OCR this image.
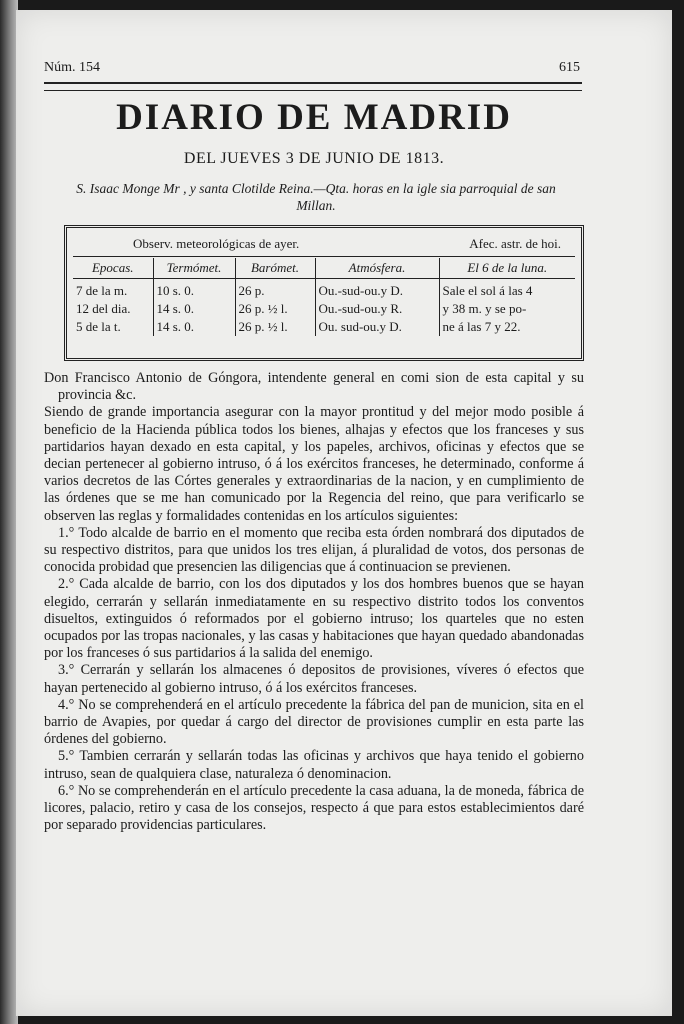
Núm. 154	615
DIARIO DE MADRID
DEL JUEVES 3 DE JUNIO DE 1813.
S. Isaac Monge Mr , y santa Clotilde Reina.—Qta. horas en la igle sia parroquial de san Millan.
Observ. meteorológicas de ayer.	Afec. astr. de hoi.
Epocas.	Termómet.	Barómet.	Atmósfera.	El 6 de la luna.
7 de la m.	10 s. 0.	26 p.	Ou.-sud-ou.y D.	Sale el sol á las 4
12 del dia.	14 s. 0.	26 p. ½ l.	Ou.-sud-ou.y R.	y 38 m. y se po-
5 de la t.	14 s. 0.	26 p. ½ l.	Ou. sud-ou.y D.	ne á las 7 y 22.

Don Francisco Antonio de Góngora, intendente general en comi sion de esta capital y su provincia &c.

Siendo de grande importancia asegurar con la mayor prontitud y del mejor modo posible á beneficio de la Hacienda pública todos los bienes, alhajas y efectos que los franceses y sus partidarios hayan dexado en esta capital, y los papeles, archivos, oficinas y efectos que se decian pertenecer al gobierno intruso, ó á los exércitos franceses, he determinado, conforme á varios decretos de las Córtes generales y extraordinarias de la nacion, y en cumplimiento de las órdenes que se me han comunicado por la Regencia del reino, que para verificarlo se observen las reglas y formalidades contenidas en los artículos siguientes:

1.° Todo alcalde de barrio en el momento que reciba esta órden nombrará dos diputados de su respectivo distritos, para que unidos los tres elijan, á pluralidad de votos, dos personas de conocida probidad que presencien las diligencias que á continuacion se previenen.

2.° Cada alcalde de barrio, con los dos diputados y los dos hombres buenos que se hayan elegido, cerrarán y sellarán inmediatamente en su respectivo distrito todos los conventos disueltos, extinguidos ó reformados por el gobierno intruso; los quarteles que no esten ocupados por las tropas nacionales, y las casas y habitaciones que hayan quedado abandonadas por los franceses ó sus partidarios á la salida del enemigo.

3.° Cerrarán y sellarán los almacenes ó depositos de provisiones, víveres ó efectos que hayan pertenecido al gobierno intruso, ó á los exércitos franceses.

4.° No se comprehenderá en el artículo precedente la fábrica del pan de municion, sita en el barrio de Avapies, por quedar á cargo del director de provisiones cumplir en esta parte las órdenes del gobierno.

5.° Tambien cerrarán y sellarán todas las oficinas y archivos que haya tenido el gobierno intruso, sean de qualquiera clase, naturaleza ó denominacion.

6.° No se comprehenderán en el artículo precedente la casa aduana, la de moneda, fábrica de licores, palacio, retiro y casa de los consejos, respecto á que para estos establecimientos daré por separado providencias particulares.
